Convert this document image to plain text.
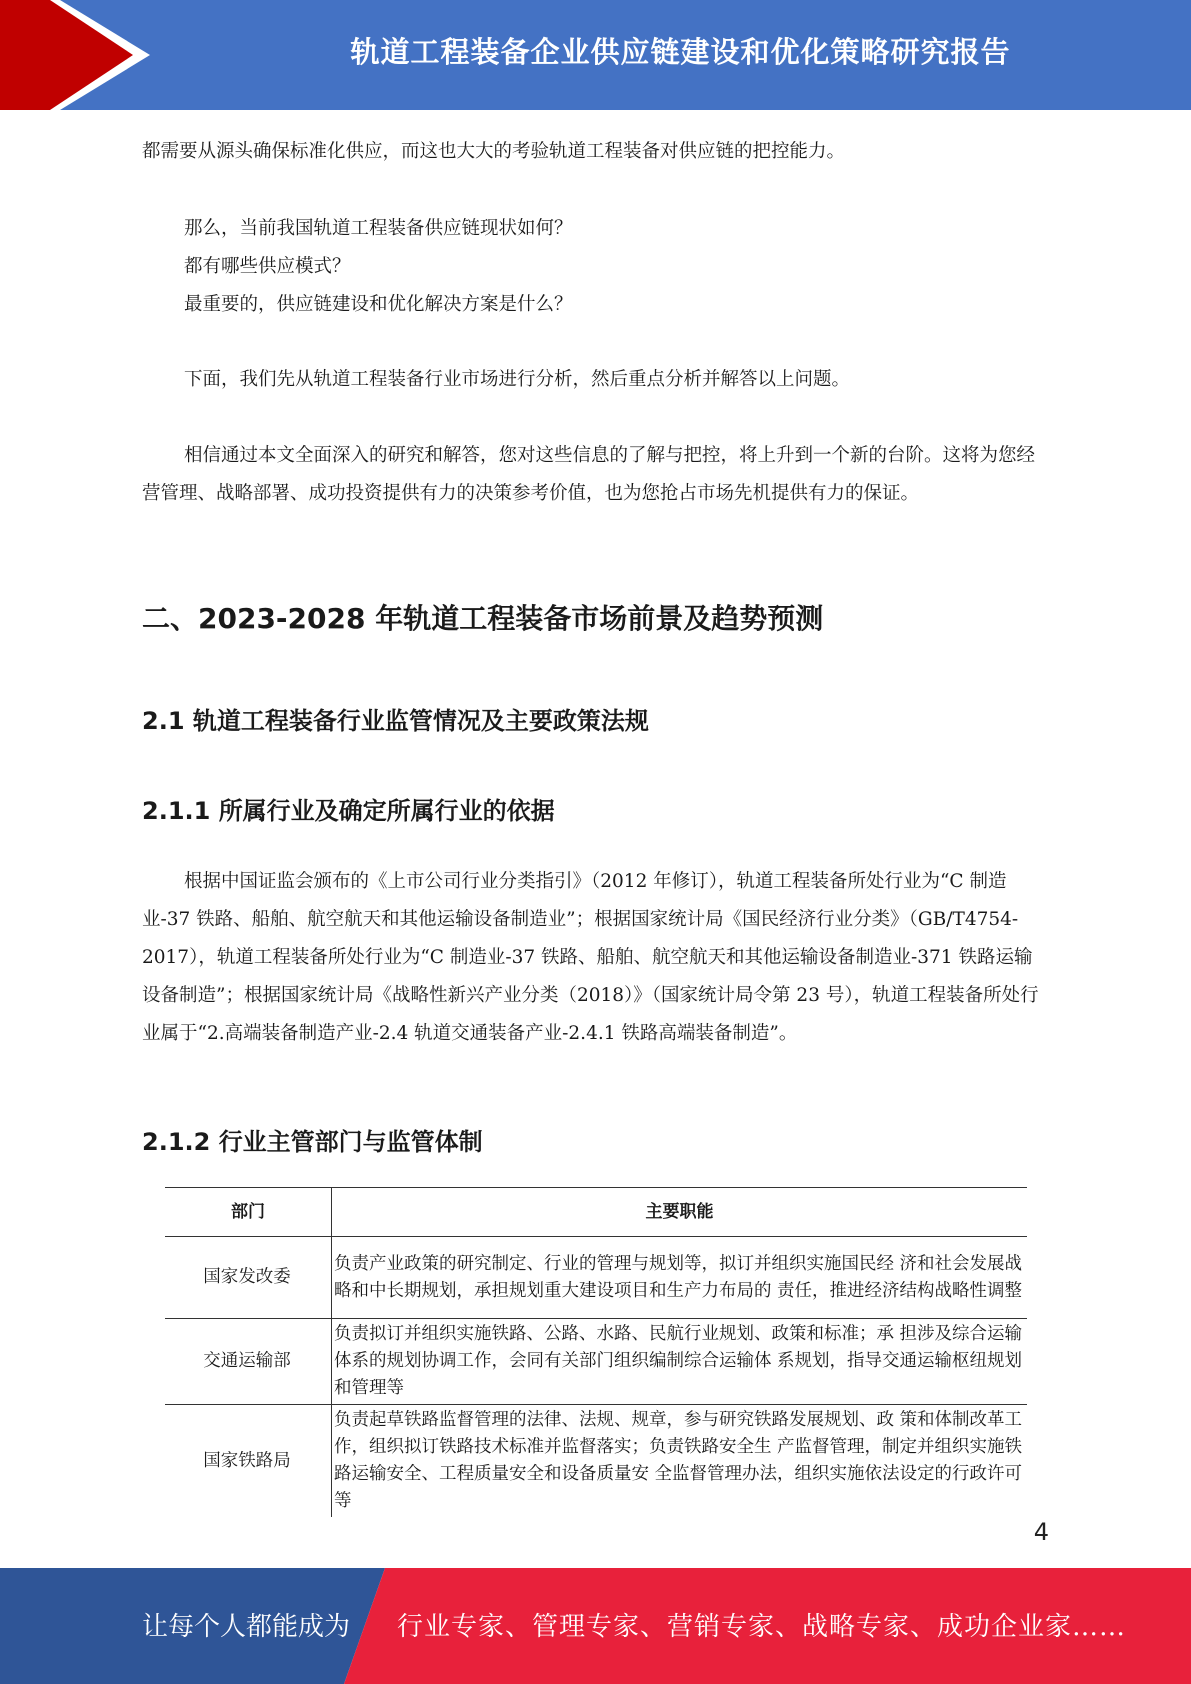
轨道工程装备企业供应链建设和优化策略研究报告

都需要从源头确保标准化供应，而这也大大的考验轨道工程装备对供应链的把控能力。

那么，当前我国轨道工程装备供应链现状如何？

都有哪些供应模式？

最重要的，供应链建设和优化解决方案是什么？

下面，我们先从轨道工程装备行业市场进行分析，然后重点分析并解答以上问题。

相信通过本文全面深入的研究和解答，您对这些信息的了解与把控，将上升到一个新的台阶。这将为您经营管理、战略部署、成功投资提供有力的决策参考价值，也为您抢占市场先机提供有力的保证。

二、2023-2028 年轨道工程装备市场前景及趋势预测
2.1 轨道工程装备行业监管情况及主要政策法规
2.1.1 所属行业及确定所属行业的依据

根据中国证监会颁布的《上市公司行业分类指引》（2012 年修订），轨道工程装备所处行业为“C 制造业-37 铁路、船舶、航空航天和其他运输设备制造业”；根据国家统计局《国民经济行业分类》（GB/T4754-2017），轨道工程装备所处行业为“C 制造业-37 铁路、船舶、航空航天和其他运输设备制造业-371 铁路运输设备制造”；根据国家统计局《战略性新兴产业分类（2018）》（国家统计局令第 23 号），轨道工程装备所处行业属于“2.高端装备制造产业-2.4 轨道交通装备产业-2.4.1 铁路高端装备制造”。

2.1.2 行业主管部门与监管体制
部门	主要职能
国家发改委	负责产业政策的研究制定、行业的管理与规划等，拟订并组织实施国民经 济和社会发展战略和中长期规划，承担规划重大建设项目和生产力布局的 责任，推进经济结构战略性调整
交通运输部	负责拟订并组织实施铁路、公路、水路、民航行业规划、政策和标准；承 担涉及综合运输体系的规划协调工作，会同有关部门组织编制综合运输体 系规划，指导交通运输枢纽规划和管理等
国家铁路局	负责起草铁路监督管理的法律、法规、规章，参与研究铁路发展规划、政 策和体制改革工作，组织拟订铁路技术标准并监督落实；负责铁路安全生 产监督管理，制定并组织实施铁路运输安全、工程质量安全和设备质量安 全监督管理办法，组织实施依法设定的行政许可等
4
让每个人都能成为 行业专家、管理专家、营销专家、战略专家、成功企业家……
